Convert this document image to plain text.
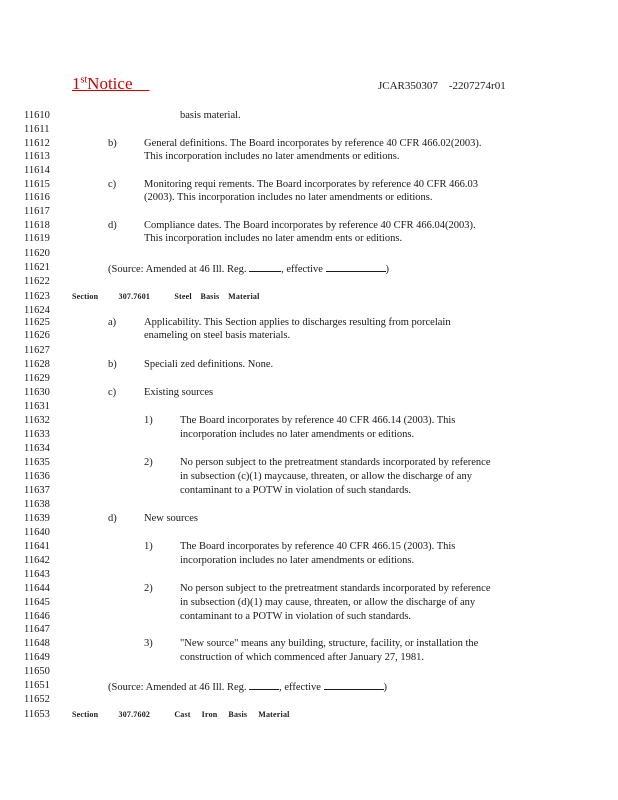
1stNotice	JCAR350307    -2207274r01
11610
11611
11612
11613
11614
11615
11616
11617
11618
11619
11620
11621
11622
11623
11624
11625
11626
11627
11628
11629
11630
11631
11632
11633
11634
11635
11636
11637
11638
11639
11640
11641
11642
11643
11644
11645
11646
11647
11648
11649
11650
11651
11652
11653
basis material.
b)	General definitions. The Board incorporates by reference 40 CFR 466.02(2003).
This incorporation includes no later amendments or editions.
c)	Monitoring requi rements. The Board incorporates by reference 40 CFR 466.03
(2003). This incorporation includes no later amendments or editions.
d)	Compliance dates. The Board incorporates by reference 40 CFR 466.04(2003).
This incorporation includes no later amendm ents or editions.
(Source: Amended at 46 Ill. Reg.	, effective	)
Section	307.7601	Steel    Basis    Material
a)	Applicability. This Section applies to discharges resulting from porcelain
enameling on steel basis materials.
b)	Speciali zed definitions. None.
c)	Existing sources
1)	The Board incorporates by reference 40 CFR 466.14 (2003). This
incorporation includes no later amendments or editions.
2)	No person subject to the pretreatment standards incorporated by reference
in subsection (c)(1) maycause, threaten, or allow the discharge of any
contaminant to a POTW in violation of such standards.
d)	New sources
1)	The Board incorporates by reference 40 CFR 466.15 (2003). This
incorporation includes no later amendments or editions.
2)	No person subject to the pretreatment standards incorporated by reference
in subsection (d)(1) may cause, threaten, or allow the discharge of any
contaminant to a POTW in violation of such standards.
3)	"New source" means any building, structure, facility, or installation the
construction of which commenced after January 27, 1981.
(Source: Amended at 46 Ill. Reg.	, effective	)
Section	307.7602	Cast     Iron     Basis     Material
